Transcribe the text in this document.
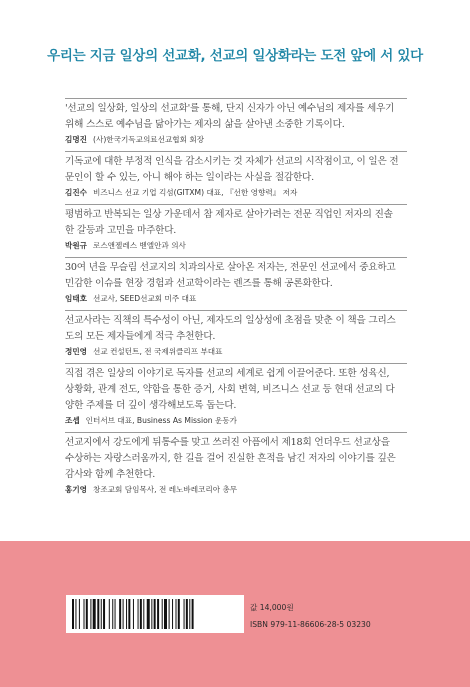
우리는 지금 일상의 선교화, 선교의 일상화라는 도전 앞에 서 있다

'선교의 일상화, 일상의 선교화'를 통해, 단지 신자가 아닌 예수님의 제자를 세우기
위해 스스로 예수님을 닮아가는 제자의 삶을 살아낸 소중한 기록이다.

김명진 (사)한국기독교의료선교협회 회장

기독교에 대한 부정적 인식을 감소시키는 것 자체가 선교의 시작점이고, 이 일은 전
문인이 할 수 있는, 아니 해야 하는 일이라는 사실을 절감한다.

김진수 비즈니스 선교 기업 긱섬(GITXM) 대표, 『선한 영향력』 저자

평범하고 반복되는 일상 가운데서 참 제자로 살아가려는 전문 직업인 저자의 진솔
한 갈등과 고민을 마주한다.

박원규 로스앤젤레스 벧엘안과 의사

30여 년을 무슬림 선교지의 치과의사로 살아온 저자는, 전문인 선교에서 중요하고
민감한 이슈를 현장 경험과 선교학이라는 렌즈를 통해 공론화한다.

임태호 선교사, SEED선교회 미주 대표

선교사라는 직책의 특수성이 아닌, 제자도의 일상성에 초점을 맞춘 이 책을 그리스
도의 모든 제자들에게 적극 추천한다.

정민영 선교 컨설턴트, 전 국제위클리프 부대표

직접 겪은 일상의 이야기로 독자를 선교의 세계로 쉽게 이끌어준다. 또한 성육신,
상황화, 관계 전도, 약함을 통한 증거, 사회 변혁, 비즈니스 선교 등 현대 선교의 다
양한 주제를 더 깊이 생각해보도록 돕는다.

조셉 인터서브 대표, Business As Mission 운동가

선교지에서 강도에게 뒤통수를 맞고 쓰러진 아픔에서 제18회 언더우드 선교상을
수상하는 자랑스러움까지, 한 길을 걸어 진실한 흔적을 남긴 저자의 이야기를 깊은
감사와 함께 추천한다.

홍기영 창조교회 담임목사, 전 레노바레코리아 총무
값 14,000원
ISBN 979-11-86606-28-5 03230
